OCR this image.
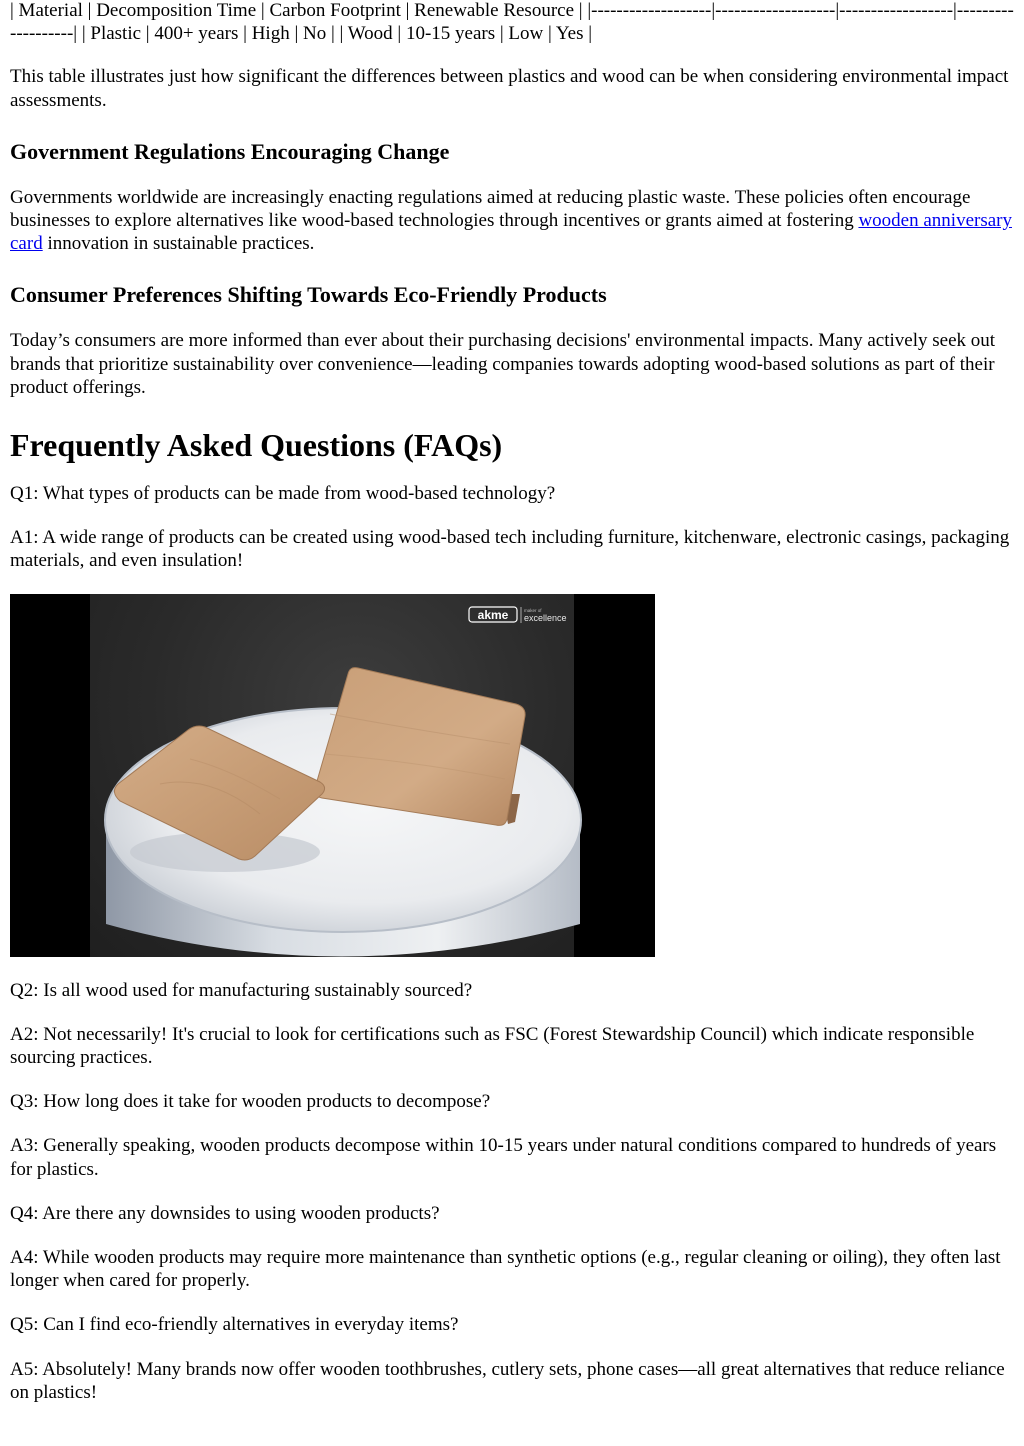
| Material | Decomposition Time | Carbon Footprint | Renewable Resource | |-------------------|-------------------|------------------|-------------------| | Plastic | 400+ years | High | No | | Wood | 10-15 years | Low | Yes |

This table illustrates just how significant the differences between plastics and wood can be when considering environmental impact assessments.

Government Regulations Encouraging Change

Governments worldwide are increasingly enacting regulations aimed at reducing plastic waste. These policies often encourage businesses to explore alternatives like wood-based technologies through incentives or grants aimed at fostering wooden anniversary card innovation in sustainable practices.

Consumer Preferences Shifting Towards Eco-Friendly Products

Today’s consumers are more informed than ever about their purchasing decisions' environmental impacts. Many actively seek out brands that prioritize sustainability over convenience—leading companies towards adopting wood-based solutions as part of their product offerings.

Frequently Asked Questions (FAQs)

Q1: What types of products can be made from wood-based technology?

A1: A wide range of products can be created using wood-based tech including furniture, kitchenware, electronic casings, packaging materials, and even insulation!

akme	maker of
excellence

Q2: Is all wood used for manufacturing sustainably sourced?

A2: Not necessarily! It's crucial to look for certifications such as FSC (Forest Stewardship Council) which indicate responsible sourcing practices.

Q3: How long does it take for wooden products to decompose?

A3: Generally speaking, wooden products decompose within 10-15 years under natural conditions compared to hundreds of years for plastics.

Q4: Are there any downsides to using wooden products?

A4: While wooden products may require more maintenance than synthetic options (e.g., regular cleaning or oiling), they often last longer when cared for properly.

Q5: Can I find eco-friendly alternatives in everyday items?

A5: Absolutely! Many brands now offer wooden toothbrushes, cutlery sets, phone cases—all great alternatives that reduce reliance on plastics!
